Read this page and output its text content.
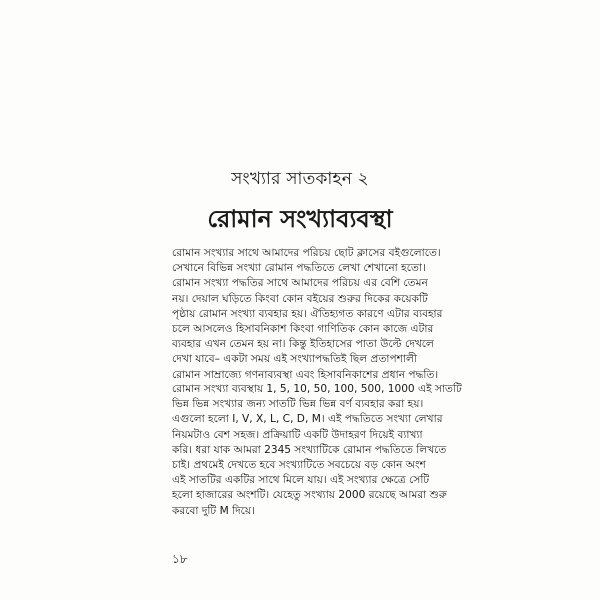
সংখ্যার সাতকাহন ২
রোমান সংখ্যাব্যবস্থা
রোমান সংখ্যার সাথে আমাদের পরিচয় ছোট ক্লাসের বইগুলোতে।
সেখানে বিভিন্ন সংখ্যা রোমান পদ্ধতিতে লেখা শেখানো হতো।
রোমান সংখ্যা পদ্ধতির সাথে আমাদের পরিচয় এর বেশি তেমন
নয়। দেয়াল ঘড়িতে কিংবা কোন বইয়ের শুরুর দিকের কয়েকটি
পৃষ্ঠায় রোমান সংখ্যা ব্যবহার হয়। ঐতিহ্যগত কারণে এটার ব্যবহার
চলে আসলেও হিসাবনিকাশ কিংবা গাণিতিক কোন কাজে এটার
ব্যবহার এখন তেমন হয় না। কিন্তু ইতিহাসের পাতা উল্টে দেখলে
দেখা যাবে– একটা সময় এই সংখ্যাপদ্ধতিই ছিল প্রতাপশালী
রোমান সাম্রাজ্যে গণনাব্যবস্থা এবং হিসাবনিকাশের প্রধান পদ্ধতি।
রোমান সংখ্যা ব্যবস্থায় 1, 5, 10, 50, 100, 500, 1000 এই সাতটি
ভিন্ন ভিন্ন সংখ্যার জন্য সাতটি ভিন্ন ভিন্ন বর্ণ ব্যবহার করা হয়।
এগুলো হলো I, V, X, L, C, D, M। এই পদ্ধতিতে সংখ্যা লেখার
নিয়মটাও বেশ সহজ। প্রক্রিয়াটি একটি উদাহরণ দিয়েই ব্যাখ্যা
করি। ধরা যাক আমরা 2345 সংখ্যাটিকে রোমান পদ্ধতিতে লিখতে
চাই। প্রথমেই দেখতে হবে সংখ্যাটিতে সবচেয়ে বড় কোন অংশ
এই সাতটির একটির সাথে মিলে যায়। এই সংখ্যার ক্ষেত্রে সেটি
হলো হাজারের অংশটি। যেহেতু সংখ্যায় 2000 রয়েছে আমরা শুরু
করবো দুটি M দিয়ে।
১৮
